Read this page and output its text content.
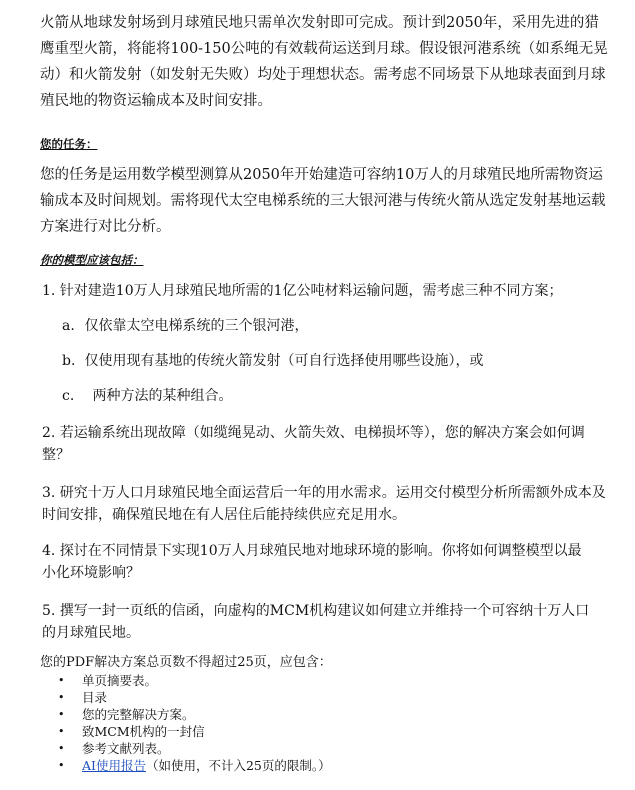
火箭从地球发射场到月球殖民地只需单次发射即可完成。预计到2050年，采用先进的猎鹰重型火箭，将能将100-150公吨的有效载荷运送到月球。假设银河港系统（如系绳无晃动）和火箭发射（如发射无失败）均处于理想状态。需考虑不同场景下从地球表面到月球殖民地的物资运输成本及时间安排。

您的任务：

您的任务是运用数学模型测算从2050年开始建造可容纳10万人的月球殖民地所需物资运输成本及时间规划。需将现代太空电梯系统的三大银河港与传统火箭从选定发射基地运载方案进行对比分析。

你的模型应该包括：

1. 针对建造10万人月球殖民地所需的1亿公吨材料运输问题，需考虑三种不同方案；

a. 仅依靠太空电梯系统的三个银河港，

b. 仅使用现有基地的传统火箭发射（可自行选择使用哪些设施），或

c. 两种方法的某种组合。

2. 若运输系统出现故障（如缆绳晃动、火箭失效、电梯损坏等），您的解决方案会如何调整？

3. 研究十万人口月球殖民地全面运营后一年的用水需求。运用交付模型分析所需额外成本及时间安排，确保殖民地在有人居住后能持续供应充足用水。

4. 探讨在不同情景下实现10万人月球殖民地对地球环境的影响。你将如何调整模型以最小化环境影响？

5. 撰写一封一页纸的信函，向虚构的MCM机构建议如何建立并维持一个可容纳十万人口的月球殖民地。

您的PDF解决方案总页数不得超过25页，应包含：

• 单页摘要表。
• 目录
• 您的完整解决方案。
• 致MCM机构的一封信
• 参考文献列表。
• AI使用报告（如使用，不计入25页的限制。）
